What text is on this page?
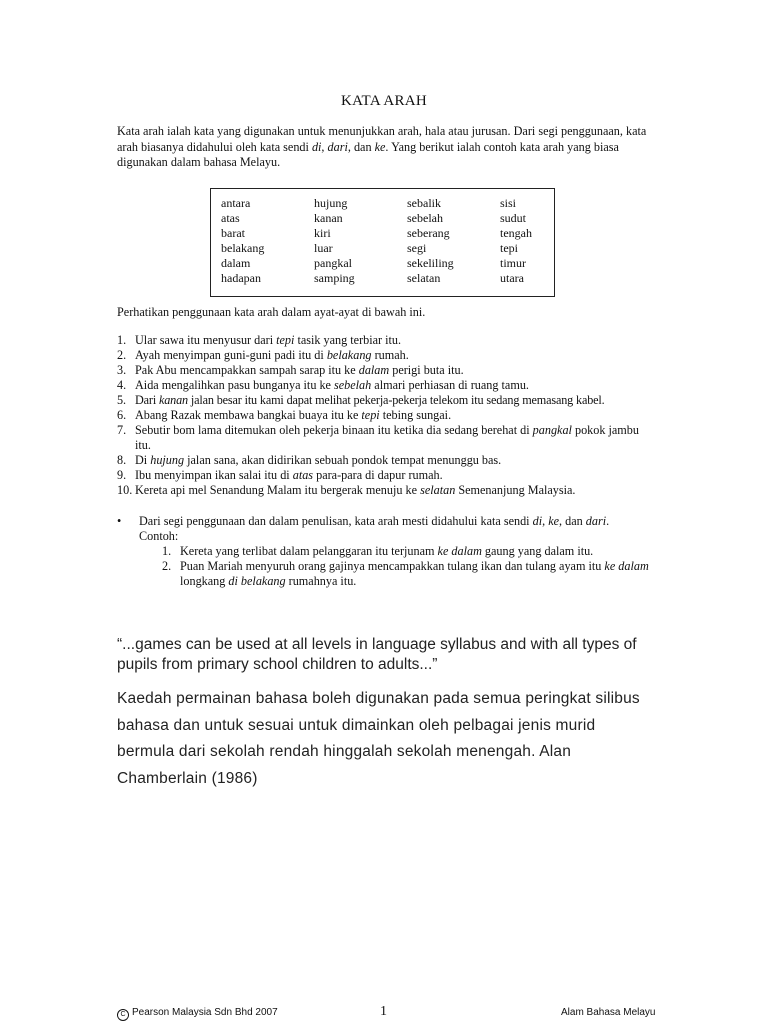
KATA ARAH

Kata arah ialah kata yang digunakan untuk menunjukkan arah, hala atau jurusan. Dari segi penggunaan, kata arah biasanya didahului oleh kata sendi di, dari, dan ke. Yang berikut ialah contoh kata arah yang biasa digunakan dalam bahasa Melayu.

antara	hujung	sebalik	sisi
atas	kanan	sebelah	sudut
barat	kiri	seberang	tengah
belakang	luar	segi	tepi
dalam	pangkal	sekeliling	timur
hadapan	samping	selatan	utara
Perhatikan penggunaan kata arah dalam ayat-ayat di bawah ini.
1. Ular sawa itu menyusur dari tepi tasik yang terbiar itu.
2. Ayah menyimpan guni-guni padi itu di belakang rumah.
3. Pak Abu mencampakkan sampah sarap itu ke dalam perigi buta itu.
4. Aida mengalihkan pasu bunganya itu ke sebelah almari perhiasan di ruang tamu.
5. Dari kanan jalan besar itu kami dapat melihat pekerja-pekerja telekom itu sedang memasang kabel.
6. Abang Razak membawa bangkai buaya itu ke tepi tebing sungai.
7. Sebutir bom lama ditemukan oleh pekerja binaan itu ketika dia sedang berehat di pangkal pokok jambu itu.
8. Di hujung jalan sana, akan didirikan sebuah pondok tempat menunggu bas.
9. Ibu menyimpan ikan salai itu di atas para-para di dapur rumah.
10. Kereta api mel Senandung Malam itu bergerak menuju ke selatan Semenanjung Malaysia.
• Dari segi penggunaan dan dalam penulisan, kata arah mesti didahului kata sendi di, ke, dan dari.
Contoh:
1. Kereta yang terlibat dalam pelanggaran itu terjunam ke dalam gaung yang dalam itu.
2. Puan Mariah menyuruh orang gajinya mencampakkan tulang ikan dan tulang ayam itu ke dalam longkang di belakang rumahnya itu.
“...games can be used at all levels in language syllabus and with all types of pupils from primary school children to adults...”
Kaedah permainan bahasa boleh digunakan pada semua peringkat silibus bahasa dan untuk sesuai untuk dimainkan oleh pelbagai jenis murid bermula dari sekolah rendah hinggalah sekolah menengah. Alan Chamberlain (1986)
C Pearson Malaysia Sdn Bhd 2007	1	Alam Bahasa Melayu
